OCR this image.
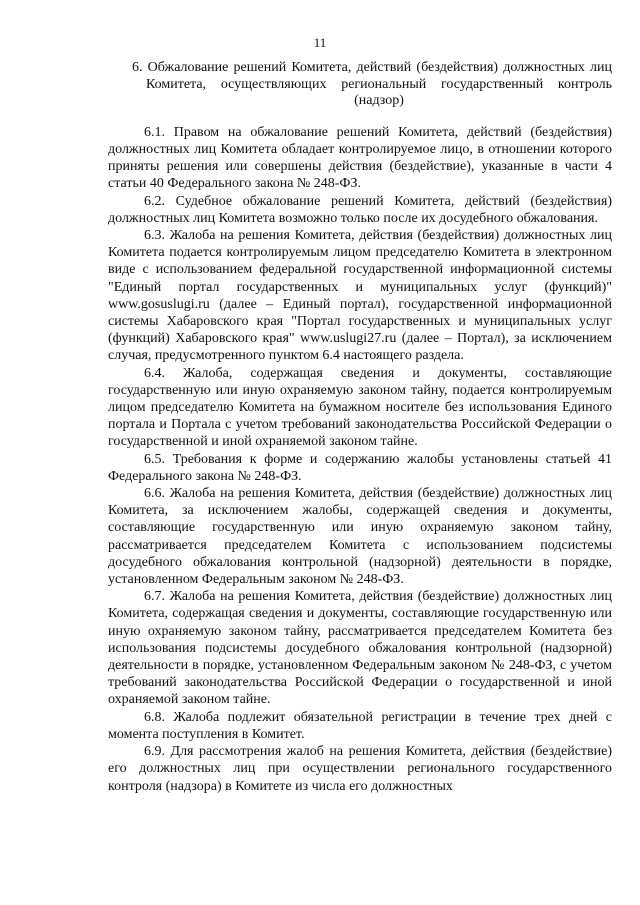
11
6. Обжалование решений Комитета, действий (бездействия) должностных лиц Комитета, осуществляющих региональный государственный контроль (надзор)

6.1. Правом на обжалование решений Комитета, действий (бездействия) должностных лиц Комитета обладает контролируемое лицо, в отношении которого приняты решения или совершены действия (бездействие), указанные в части 4 статьи 40 Федерального закона № 248-ФЗ.

6.2. Судебное обжалование решений Комитета, действий (бездействия) должностных лиц Комитета возможно только после их досудебного обжалования.

6.3. Жалоба на решения Комитета, действия (бездействия) должностных лиц Комитета подается контролируемым лицом председателю Комитета в электронном виде с использованием федеральной государственной информационной системы "Единый портал государственных и муниципальных услуг (функций)" www.gosuslugi.ru (далее – Единый портал), государственной информационной системы Хабаровского края "Портал государственных и муниципальных услуг (функций) Хабаровского края" www.uslugi27.ru (далее – Портал), за исключением случая, предусмотренного пунктом 6.4 настоящего раздела.

6.4. Жалоба, содержащая сведения и документы, составляющие государственную или иную охраняемую законом тайну, подается контролируемым лицом председателю Комитета на бумажном носителе без использования Единого портала и Портала с учетом требований законодательства Российской Федерации о государственной и иной охраняемой законом тайне.

6.5. Требования к форме и содержанию жалобы установлены статьей 41 Федерального закона № 248-ФЗ.

6.6. Жалоба на решения Комитета, действия (бездействие) должностных лиц Комитета, за исключением жалобы, содержащей сведения и документы, составляющие государственную или иную охраняемую законом тайну, рассматривается председателем Комитета с использованием подсистемы досудебного обжалования контрольной (надзорной) деятельности в порядке, установленном Федеральным законом № 248-ФЗ.

6.7. Жалоба на решения Комитета, действия (бездействие) должностных лиц Комитета, содержащая сведения и документы, составляющие государственную или иную охраняемую законом тайну, рассматривается председателем Комитета без использования подсистемы досудебного обжалования контрольной (надзорной) деятельности в порядке, установленном Федеральным законом № 248-ФЗ, с учетом требований законодательства Российской Федерации о государственной и иной охраняемой законом тайне.

6.8. Жалоба подлежит обязательной регистрации в течение трех дней с момента поступления в Комитет.

6.9. Для рассмотрения жалоб на решения Комитета, действия (бездействие) его должностных лиц при осуществлении регионального государственного контроля (надзора) в Комитете из числа его должностных
